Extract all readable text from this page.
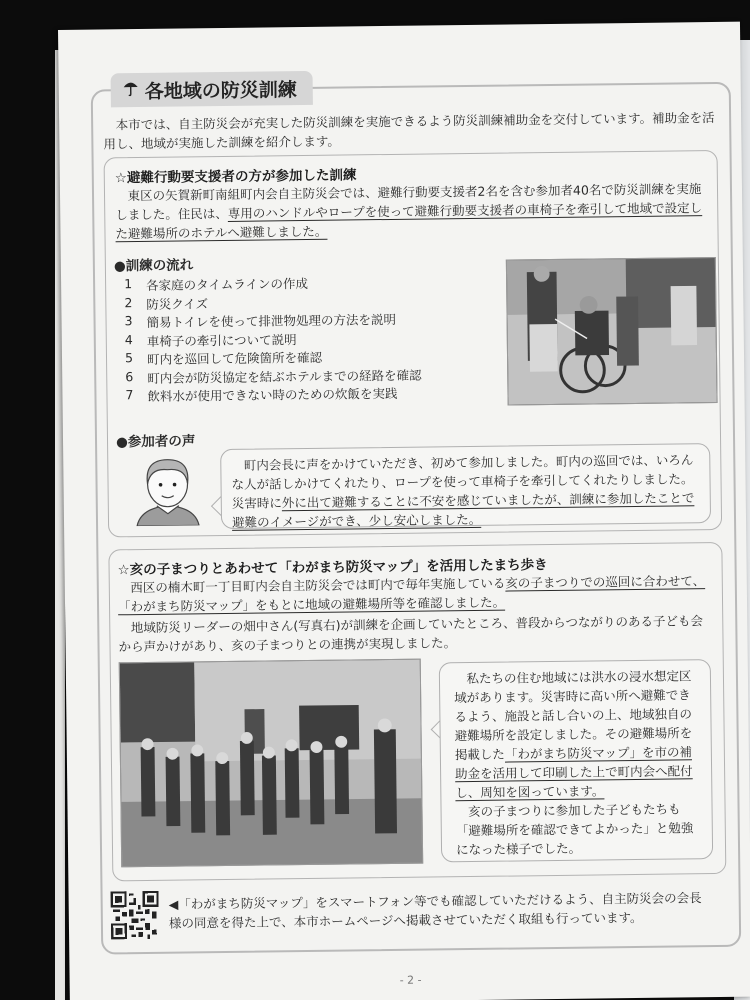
各地域の防災訓練

本市では、自主防災会が充実した防災訓練を実施できるよう防災訓練補助金を交付しています。補助金を活用し、地域が実施した訓練を紹介します。

☆避難行動要支援者の方が参加した訓練

東区の矢賀新町南組町内会自主防災会では、避難行動要支援者2名を含む参加者40名で防災訓練を実施しました。住民は、専用のハンドルやロープを使って避難行動要支援者の車椅子を牽引して地域で設定した避難場所のホテルへ避難しました。

●訓練の流れ
1 各家庭のタイムラインの作成
2 防災クイズ
3 簡易トイレを使って排泄物処理の方法を説明
4 車椅子の牽引について説明
5 町内を巡回して危険箇所を確認
6 町内会が防災協定を結ぶホテルまでの経路を確認
7 飲料水が使用できない時のための炊飯を実践
●参加者の声

町内会長に声をかけていただき、初めて参加しました。町内の巡回では、いろんな人が話しかけてくれたり、ロープを使って車椅子を牽引してくれたりしました。災害時に外に出て避難することに不安を感じていましたが、訓練に参加したことで避難のイメージができ、少し安心しました。

☆亥の子まつりとあわせて「わがまち防災マップ」を活用したまち歩き

西区の楠木町一丁目町内会自主防災会では町内で毎年実施している亥の子まつりでの巡回に合わせて、「わがまち防災マップ」をもとに地域の避難場所等を確認しました。

地域防災リーダーの畑中さん(写真右)が訓練を企画していたところ、普段からつながりのある子ども会から声かけがあり、亥の子まつりとの連携が実現しました。

私たちの住む地域には洪水の浸水想定区域があります。災害時に高い所へ避難できるよう、施設と話し合いの上、地域独自の避難場所を設定しました。その避難場所を掲載した「わがまち防災マップ」を市の補助金を活用して印刷した上で町内会へ配付し、周知を図っています。

亥の子まつりに参加した子どもたちも「避難場所を確認できてよかった」と勉強になった様子でした。

◀「わがまち防災マップ」をスマートフォン等でも確認していただけるよう、自主防災会の会長様の同意を得た上で、本市ホームページへ掲載させていただく取組も行っています。

- 2 -
